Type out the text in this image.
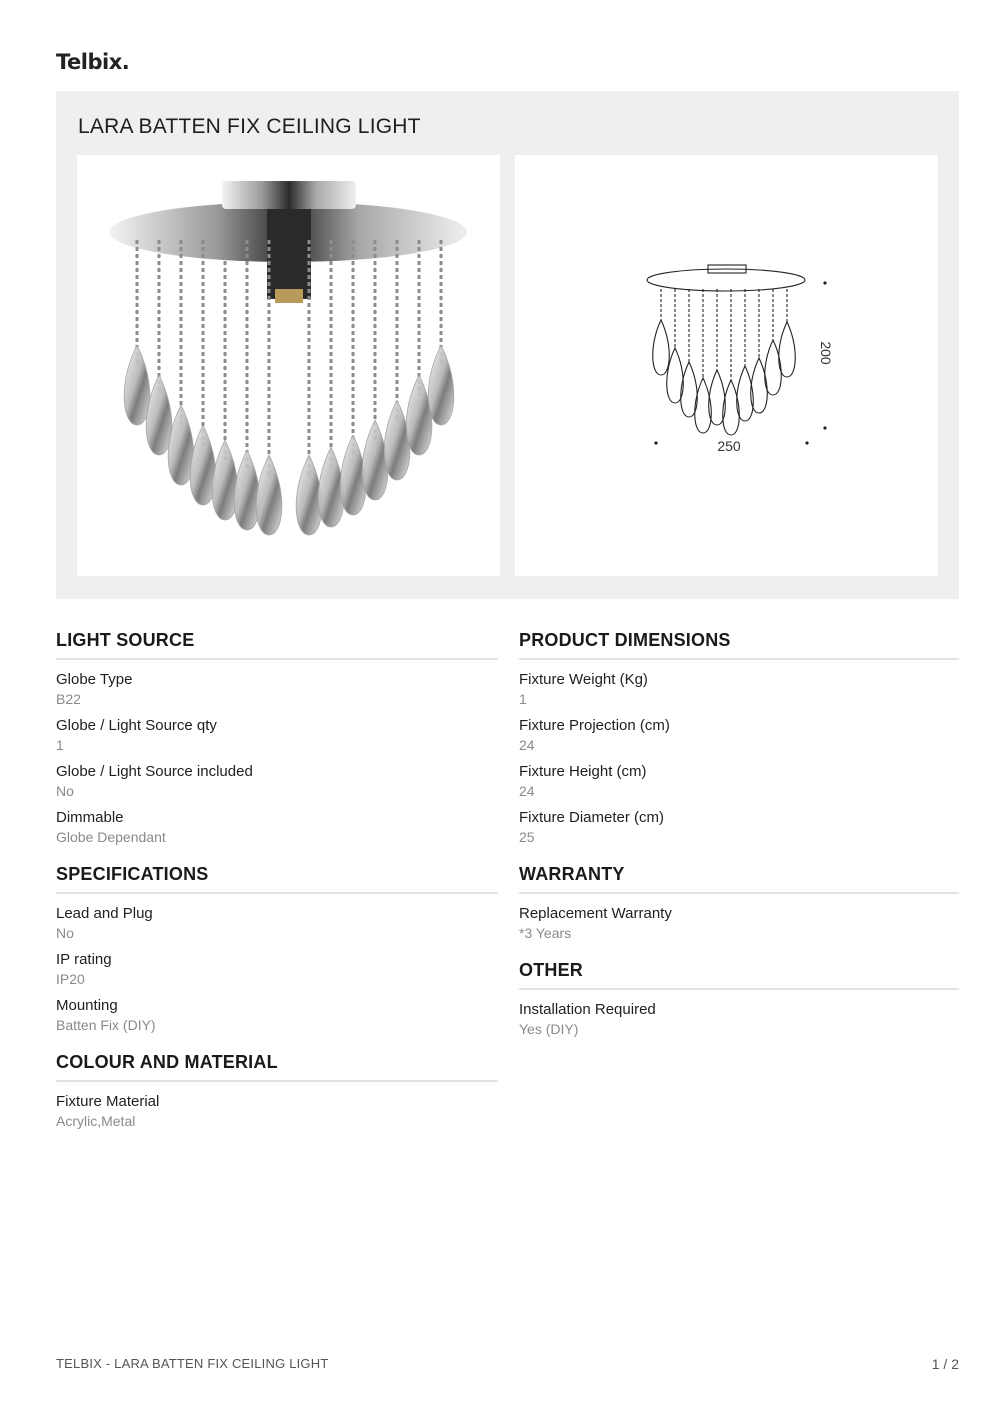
Telbix.
LARA BATTEN FIX CEILING LIGHT
250
200
LIGHT SOURCE
Globe Type
B22
Globe / Light Source qty
1
Globe / Light Source included
No
Dimmable
Globe Dependant
SPECIFICATIONS
Lead and Plug
No
IP rating
IP20
Mounting
Batten Fix (DIY)
COLOUR AND MATERIAL
Fixture Material
Acrylic,Metal
PRODUCT DIMENSIONS
Fixture Weight (Kg)
1
Fixture Projection (cm)
24
Fixture Height (cm)
24
Fixture Diameter (cm)
25
WARRANTY
Replacement Warranty
*3 Years
OTHER
Installation Required
Yes (DIY)
TELBIX - LARA BATTEN FIX CEILING LIGHT	1 / 2
